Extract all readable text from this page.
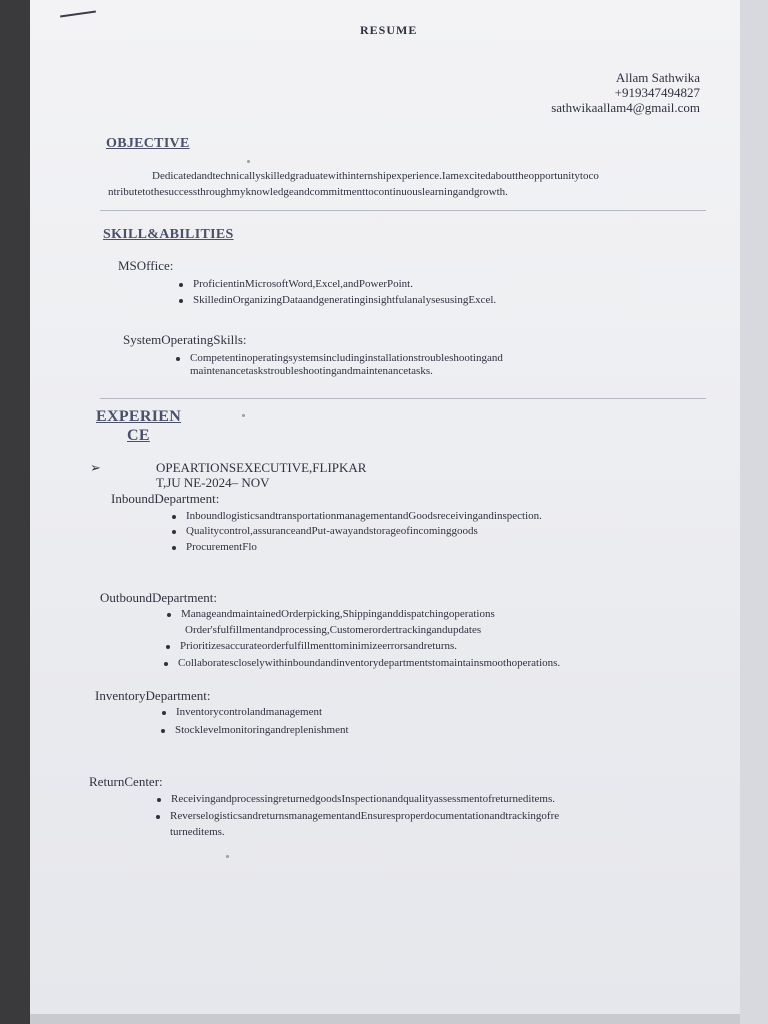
RESUME
Allam Sathwika
+919347494827
sathwikaallam4@gmail.com
OBJECTIVE
Dedicatedandtechnicallyskilledgraduatewithinternshipexperience.Iamexcitedabouttheopportunitytoco
ntributetothesuccessthroughmyknowledgeandcommitmenttocontinuouslearningandgrowth.
SKILL&ABILITIES
MSOffice:
ProficientinMicrosoftWord,Excel,andPowerPoint.
SkilledinOrganizingDataandgeneratinginsightfulanalysesusingExcel.
SystemOperatingSkills:
Competentinoperatingsystemsincludinginstallationstroubleshootingand
maintenancetaskstroubleshootingandmaintenancetasks.
EXPERIEN
CE
➢	OPEARTIONSEXECUTIVE,FLIPKAR
T,JU NE-2024– NOV
InboundDepartment:
InboundlogisticsandtransportationmanagementandGoodsreceivingandinspection.
Qualitycontrol,assuranceandPut-awayandstorageofincominggoods
ProcurementFlo
OutboundDepartment:
ManageandmaintainedOrderpicking,Shippinganddispatchingoperations
Order'sfulfillmentandprocessing,Customerordertrackingandupdates
Prioritizesaccurateorderfulfillmenttominimizeerrorsandreturns.
Collaboratescloselywithinboundandinventorydepartmentstomaintainsmoothoperations.
InventoryDepartment:
Inventorycontrolandmanagement
Stocklevelmonitoringandreplenishment
ReturnCenter:
ReceivingandprocessingreturnedgoodsInspectionandqualityassessmentofreturneditems.
ReverselogisticsandreturnsmanagementandEnsuresproperdocumentationandtrackingofre
turneditems.
